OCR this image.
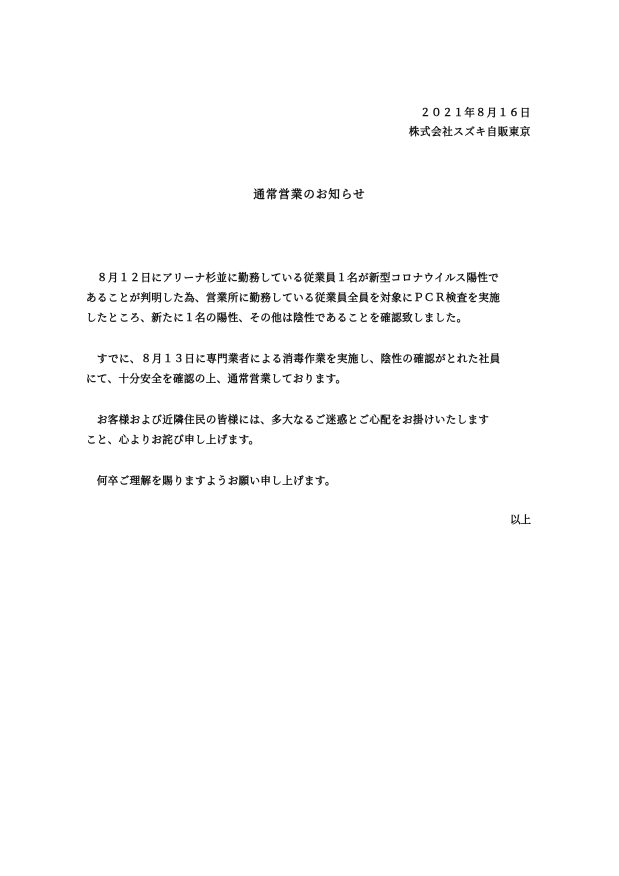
２０２１年８月１６日
株式会社スズキ自販東京
通常営業のお知らせ

　８月１２日にアリーナ杉並に勤務している従業員１名が新型コロナウイルス陽性で
あることが判明した為、営業所に勤務している従業員全員を対象にＰＣＲ検査を実施
したところ、新たに１名の陽性、その他は陰性であることを確認致しました。

　すでに、８月１３日に専門業者による消毒作業を実施し、陰性の確認がとれた社員
にて、十分安全を確認の上、通常営業しております。

　お客様および近隣住民の皆様には、多大なるご迷惑とご心配をお掛けいたします
こと、心よりお詫び申し上げます。

　何卒ご理解を賜りますようお願い申し上げます。

以上
